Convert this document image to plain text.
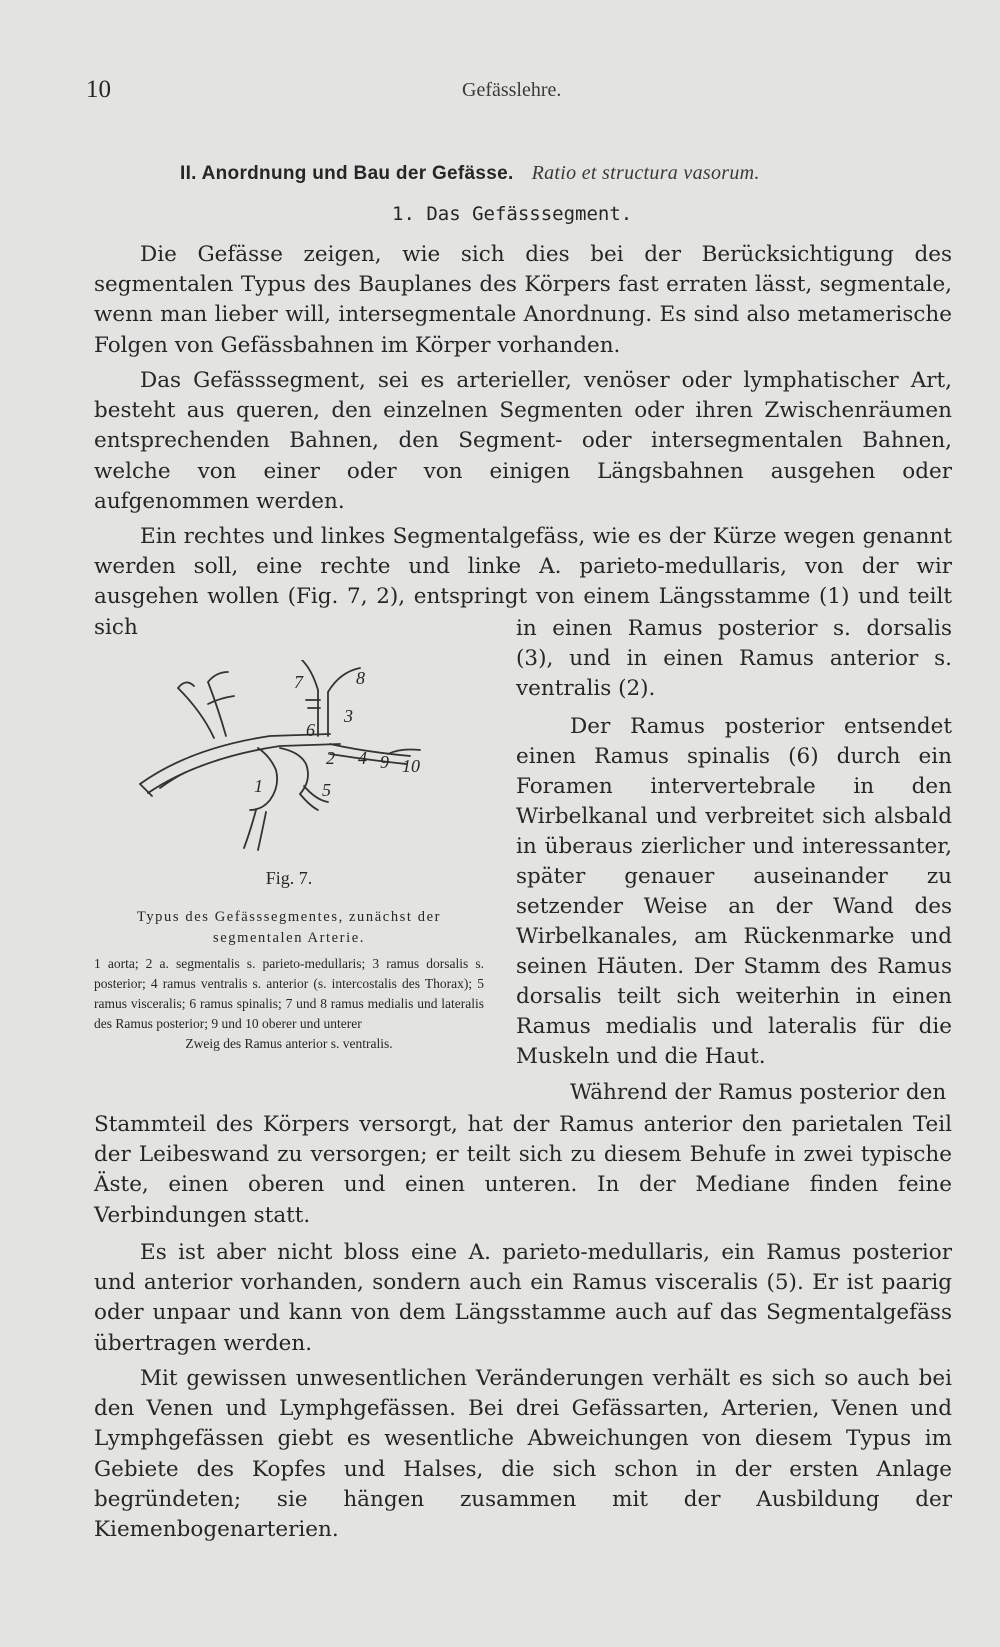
10	Gefässlehre.
II. Anordnung und Bau der Gefässe. Ratio et structura vasorum.
1. Das Gefässsegment.

Die Gefässe zeigen, wie sich dies bei der Berücksichtigung des segmentalen Typus des Bauplanes des Körpers fast erraten lässt, segmentale, wenn man lieber will, intersegmentale Anordnung. Es sind also metamerische Folgen von Gefässbahnen im Körper vorhanden.

Das Gefässsegment, sei es arterieller, venöser oder lymphatischer Art, besteht aus queren, den einzelnen Segmenten oder ihren Zwischenräumen entsprechenden Bahnen, den Segment- oder intersegmentalen Bahnen, welche von einer oder von einigen Längsbahnen ausgehen oder aufgenommen werden.

Ein rechtes und linkes Segmentalgefäss, wie es der Kürze wegen genannt werden soll, eine rechte und linke A. parieto-medullaris, von der wir ausgehen wollen (Fig. 7, 2), entspringt von einem Längsstamme (1) und teilt sich	in einen Ramus posterior s. dorsalis (3), und in einen Ramus anterior s. ventralis (2).

Der Ramus posterior entsendet einen Ramus spinalis (6) durch ein Foramen intervertebrale in den Wirbelkanal und verbreitet sich alsbald in überaus zierlicher und interessanter, später genauer auseinander zu setzender Weise an der Wand des Wirbelkanales, am Rückenmarke und seinen Häuten. Der Stamm des Ramus dorsalis teilt sich weiterhin in einen Ramus medialis und lateralis für die Muskeln und die Haut.

Während der Ramus posterior den

1
2
3
4
5
6
7	8
9 10
Fig. 7.
Typus des Gefässsegmentes, zunächst der segmentalen Arterie.

1 aorta; 2 a. segmentalis s. parieto-medullaris; 3 ramus dorsalis s. posterior; 4 ramus ventralis s. anterior (s. intercostalis des Thorax); 5 ramus visceralis; 6 ramus spinalis; 7 und 8 ramus medialis und lateralis des Ramus posterior; 9 und 10 oberer und unterer
Zweig des Ramus anterior s. ventralis.

Stammteil des Körpers versorgt, hat der Ramus anterior den parietalen Teil der Leibeswand zu versorgen; er teilt sich zu diesem Behufe in zwei typische Äste, einen oberen und einen unteren. In der Mediane finden feine Verbindungen statt.

Es ist aber nicht bloss eine A. parieto-medullaris, ein Ramus posterior und anterior vorhanden, sondern auch ein Ramus visceralis (5). Er ist paarig oder unpaar und kann von dem Längsstamme auch auf das Segmentalgefäss übertragen werden.

Mit gewissen unwesentlichen Veränderungen verhält es sich so auch bei den Venen und Lymphgefässen. Bei drei Gefässarten, Arterien, Venen und Lymphgefässen giebt es wesentliche Abweichungen von diesem Typus im Gebiete des Kopfes und Halses, die sich schon in der ersten Anlage begründeten; sie hängen zusammen mit der Ausbildung der Kiemenbogenarterien.
